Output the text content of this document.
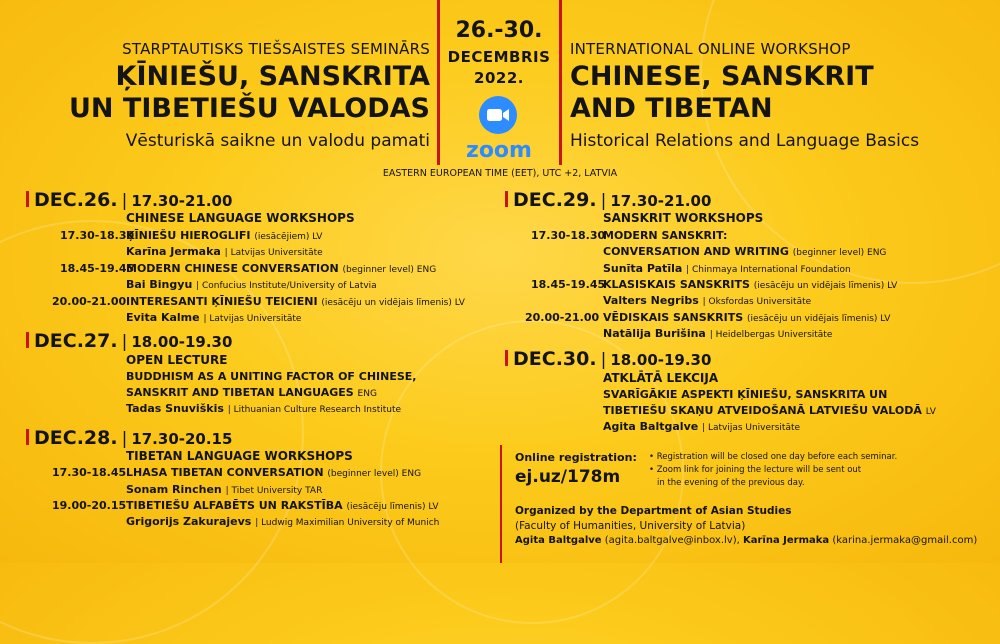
STARPTAUTISKS TIEŠSAISTES SEMINĀRS
ĶĪNIEŠU, SANSKRITA
UN TIBETIEŠU VALODAS
Vēsturiskā saikne un valodu pamati
INTERNATIONAL ONLINE WORKSHOP
CHINESE, SANSKRIT
AND TIBETAN
Historical Relations and Language Basics
26.-30.
DECEMBRIS
2022.
zoom
EASTERN EUROPEAN TIME (EET), UTC +2, LATVIA
DEC.26. | 17.30-21.00
CHINESE LANGUAGE WORKSHOPS
17.30-18.30
ĶĪNIEŠU HIEROGLIFI (iesācējiem) LV
Karīna Jermaka | Latvijas Universitāte
18.45-19.45
MODERN CHINESE CONVERSATION (beginner level) ENG
Bai Bingyu | Confucius Institute/University of Latvia
20.00-21.00 INTERESANTI ĶĪNIEŠU TEICIENI (iesācēju un vidējais līmenis) LV
Evita Kalme | Latvijas Universitāte
DEC.27. | 18.00-19.30
OPEN LECTURE
BUDDHISM AS A UNITING FACTOR OF CHINESE,
SANSKRIT AND TIBETAN LANGUAGES ENG
Tadas Snuviškis | Lithuanian Culture Research Institute
DEC.28. | 17.30-20.15
TIBETAN LANGUAGE WORKSHOPS
17.30-18.45 LHASA TIBETAN CONVERSATION (beginner level) ENG
Sonam Rinchen | Tibet University TAR
19.00-20.15 TIBETIEŠU ALFABĒTS UN RAKSTĪBA (iesācēju līmenis) LV
Grigorijs Zakurajevs | Ludwig Maximilian University of Munich
DEC.29. | 17.30-21.00
SANSKRIT WORKSHOPS
17.30-18.30
MODERN SANSKRIT:
CONVERSATION AND WRITING (beginner level) ENG
Sunīta Patīla | Chinmaya International Foundation
18.45-19.45
KLASISKAIS SANSKRITS (iesācēju un vidējais līmenis) LV
Valters Negribs | Oksfordas Universitāte
20.00-21.00 VĒDISKAIS SANSKRITS (iesācēju un vidējais līmenis) LV
Natālija Burišina | Heidelbergas Universitāte
DEC.30. | 18.00-19.30
ATKLĀTĀ LEKCIJA
SVARĪGĀKIE ASPEKTI ĶĪNIEŠU, SANSKRITA UN
TIBETIEŠU SKAŅU ATVEIDOŠANĀ LATVIEŠU VALODĀ LV
Agita Baltgalve | Latvijas Universitāte
Online registration:
ej.uz/178m
• Registration will be closed one day before each seminar.
• Zoom link for joining the lecture will be sent out
in the evening of the previous day.
Organized by the Department of Asian Studies
(Faculty of Humanities, University of Latvia)
Agita Baltgalve (agita.baltgalve@inbox.lv), Karīna Jermaka (karina.jermaka@gmail.com)
